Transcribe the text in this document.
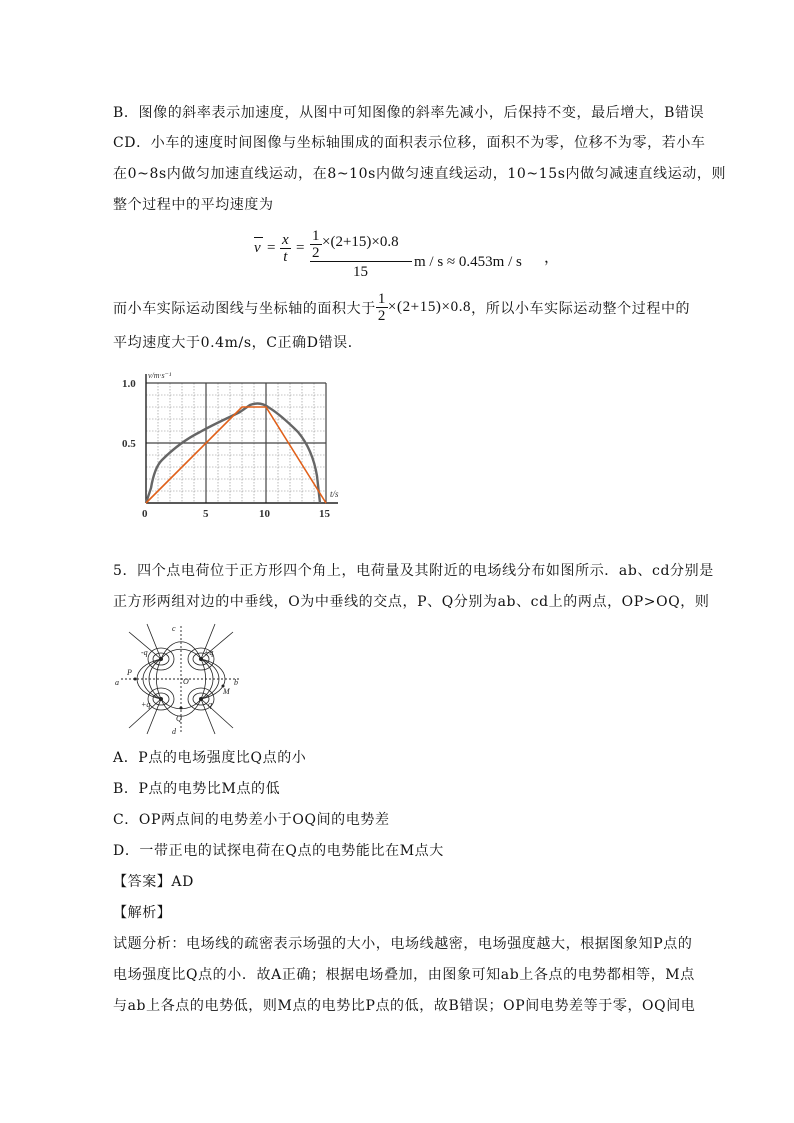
B．图像的斜率表示加速度，从图中可知图像的斜率先减小，后保持不变，最后增大，B错误
CD．小车的速度时间图像与坐标轴围成的面积表示位移，面积不为零，位移不为零，若小车
在0~8s内做匀加速直线运动，在8~10s内做匀速直线运动，10~15s内做匀减速直线运动，则
整个过程中的平均速度为
$v = \frac{x}{t}$ =
$\frac{\frac{1}{2} \times(2+15)\times 0.8}{15}$
m / s ≈ 0.453m / s ，
而小车实际运动图线与坐标轴的面积大于 $\frac{1}{2} \times(2+15)\times 0.8$，所以小车实际运动整个过程中的
平均速度大于0.4m/s，C正确D错误．
v/m·s⁻¹
t/s
1.0
0.5
0	5	10	15
5．四个点电荷位于正方形四个角上，电荷量及其附近的电场线分布如图所示．ab、cd分别是
正方形两组对边的中垂线，O为中垂线的交点，P、Q分别为ab、cd上的两点，OP>OQ，则
c
d
a	b
P
Q
O
M
-q	+q
+q	q
A．P点的电场强度比Q点的小
B．P点的电势比M点的低
C．OP两点间的电势差小于OQ间的电势差
D．一带正电的试探电荷在Q点的电势能比在M点大
【答案】AD
【解析】
试题分析：电场线的疏密表示场强的大小，电场线越密，电场强度越大，根据图象知P点的
电场强度比Q点的小．故A正确；根据电场叠加，由图象可知ab上各点的电势都相等，M点
与ab上各点的电势低，则M点的电势比P点的低，故B错误；OP间电势差等于零，OQ间电
